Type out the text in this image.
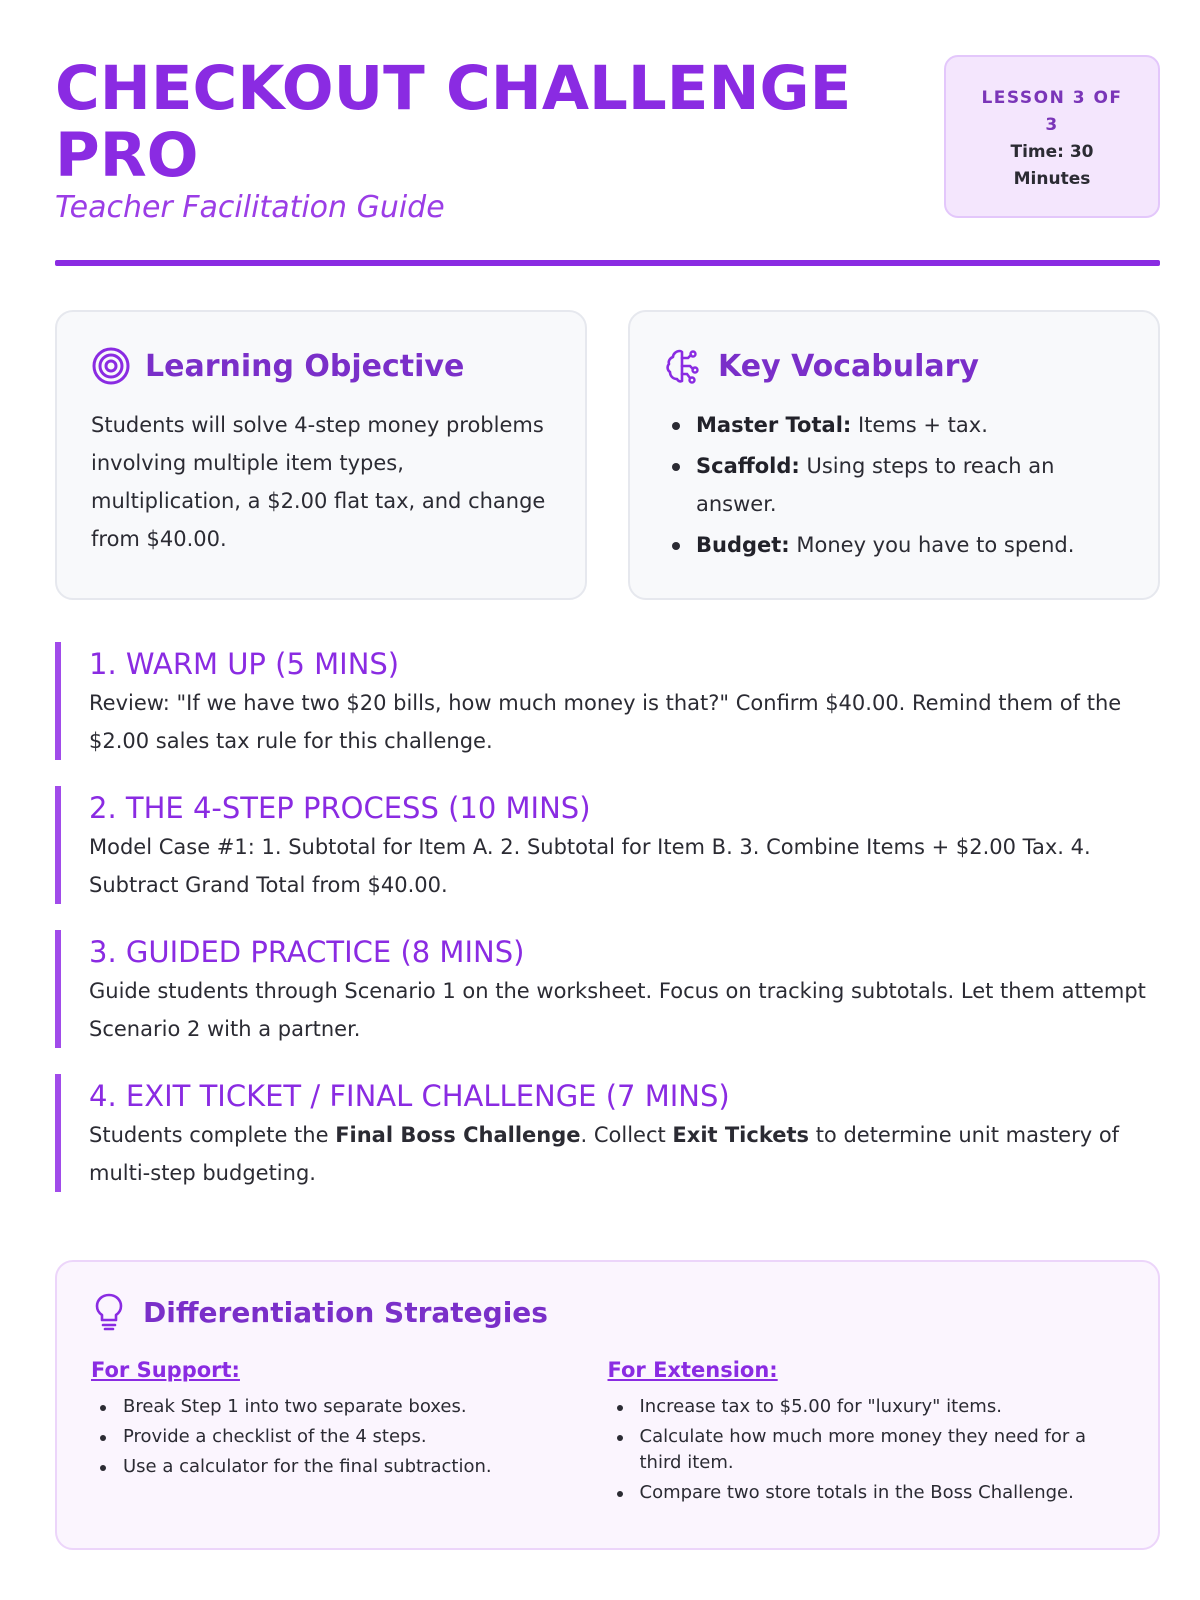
CHECKOUT CHALLENGE PRO
Teacher Facilitation Guide
LESSON 3 OF 3
Time: 30 Minutes
Learning Objective
Students will solve 4-step money problems involving multiple item types, multiplication, a $2.00 flat tax, and change from $40.00.
Key Vocabulary
Master Total: Items + tax.
Scaffold: Using steps to reach an answer.
Budget: Money you have to spend.
1. WARM UP (5 MINS)
Review: "If we have two $20 bills, how much money is that?" Confirm $40.00. Remind them of the $2.00 sales tax rule for this challenge.
2. THE 4-STEP PROCESS (10 MINS)
Model Case #1: 1. Subtotal for Item A. 2. Subtotal for Item B. 3. Combine Items + $2.00 Tax. 4. Subtract Grand Total from $40.00.
3. GUIDED PRACTICE (8 MINS)
Guide students through Scenario 1 on the worksheet. Focus on tracking subtotals. Let them attempt Scenario 2 with a partner.
4. EXIT TICKET / FINAL CHALLENGE (7 MINS)
Students complete the Final Boss Challenge. Collect Exit Tickets to determine unit mastery of multi-step budgeting.
Differentiation Strategies
For Support:
Break Step 1 into two separate boxes.
Provide a checklist of the 4 steps.
Use a calculator for the final subtraction.
For Extension:
Increase tax to $5.00 for "luxury" items.
Calculate how much more money they need for a third item.
Compare two store totals in the Boss Challenge.
